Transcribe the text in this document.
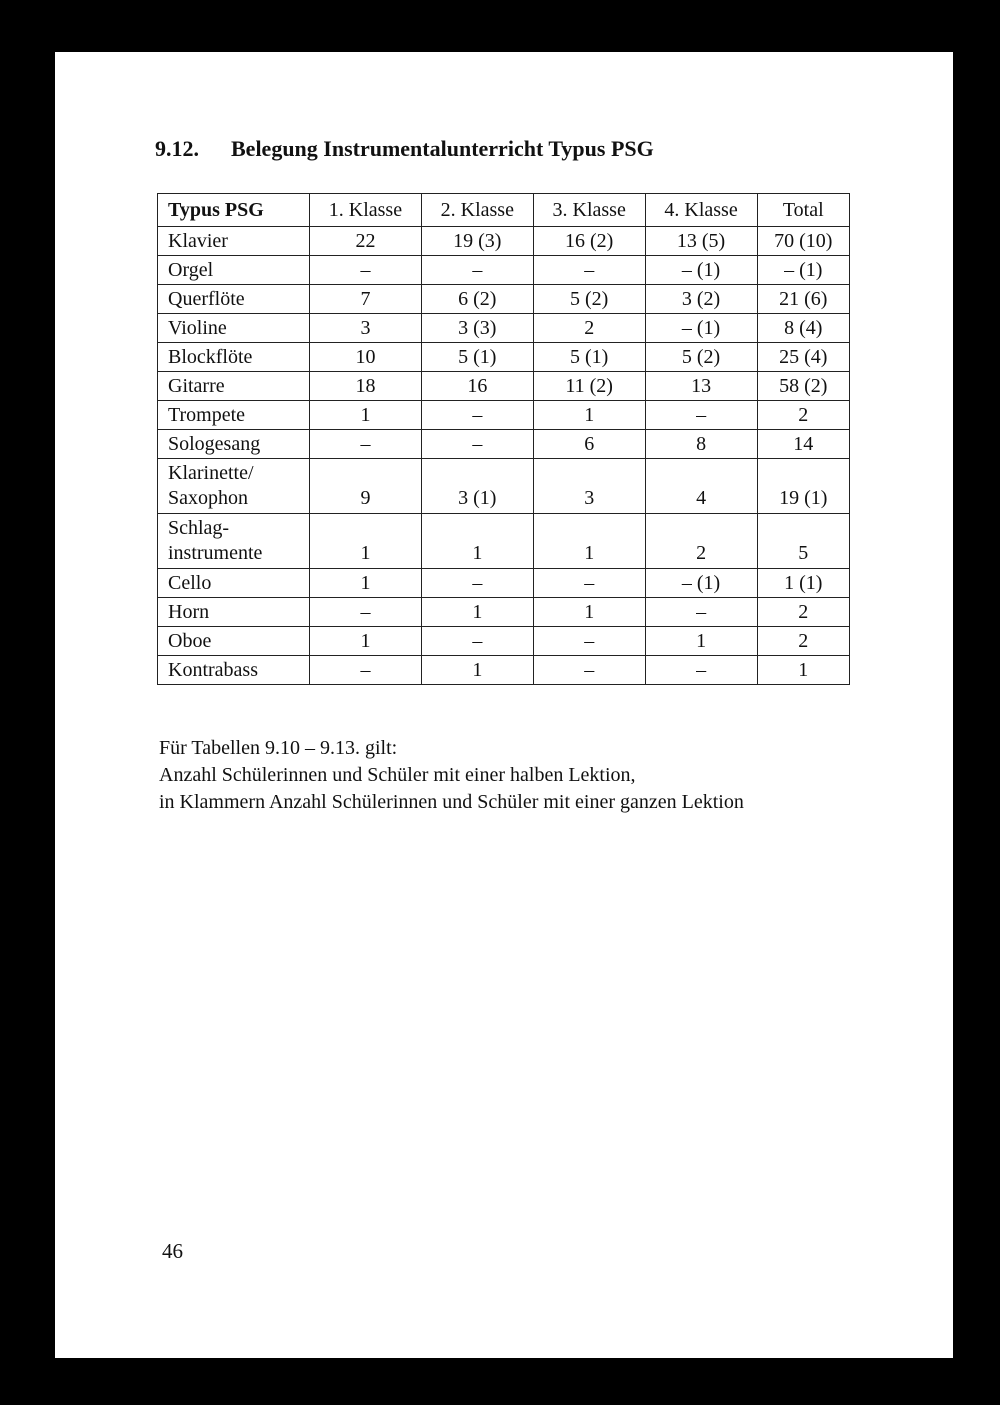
9.12. Belegung Instrumentalunterricht Typus PSG
Typus PSG	1. Klasse	2. Klasse	3. Klasse	4. Klasse	Total
Klavier	22	19 (3)	16 (2)	13 (5)	70 (10)
Orgel	–	–	–	– (1)	– (1)
Querflöte	7	6 (2)	5 (2)	3 (2)	21 (6)
Violine	3	3 (3)	2	– (1)	8 (4)
Blockflöte	10	5 (1)	5 (1)	5 (2)	25 (4)
Gitarre	18	16	11 (2)	13	58 (2)
Trompete	1	–	1	–	2
Sologesang	–	–	6	8	14

Klarinette/
Saxophon	9	3 (1)	3	4	19 (1)

Schlag-
instrumente	1	1	1	2	5
Cello	1	–	–	– (1)	1 (1)
Horn	–	1	1	–	2
Oboe	1	–	–	1	2
Kontrabass	–	1	–	–	1
Für Tabellen 9.10 – 9.13. gilt:
Anzahl Schülerinnen und Schüler mit einer halben Lektion,
in Klammern Anzahl Schülerinnen und Schüler mit einer ganzen Lektion
46
